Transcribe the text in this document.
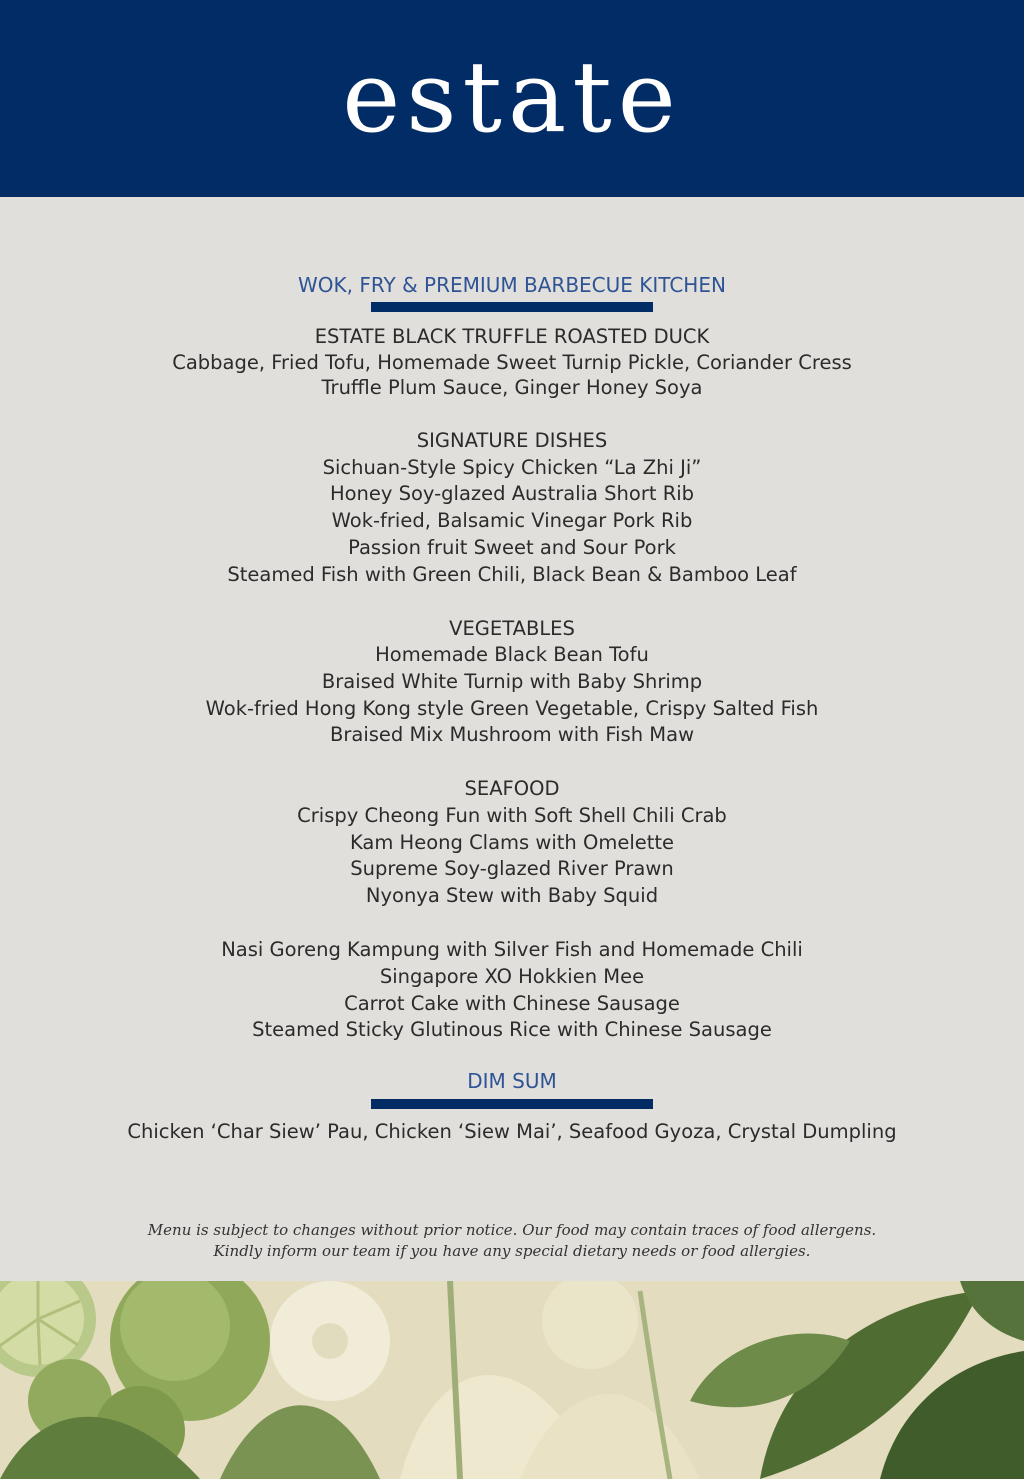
estate
WOK, FRY & PREMIUM BARBECUE KITCHEN
ESTATE BLACK TRUFFLE ROASTED DUCK
Cabbage, Fried Tofu, Homemade Sweet Turnip Pickle, Coriander Cress
Truffle Plum Sauce, Ginger Honey Soya
SIGNATURE DISHES
Sichuan-Style Spicy Chicken “La Zhi Ji”
Honey Soy-glazed Australia Short Rib
Wok-fried, Balsamic Vinegar Pork Rib
Passion fruit Sweet and Sour Pork
Steamed Fish with Green Chili, Black Bean & Bamboo Leaf
VEGETABLES
Homemade Black Bean Tofu
Braised White Turnip with Baby Shrimp
Wok-fried Hong Kong style Green Vegetable, Crispy Salted Fish
Braised Mix Mushroom with Fish Maw
SEAFOOD
Crispy Cheong Fun with Soft Shell Chili Crab
Kam Heong Clams with Omelette
Supreme Soy-glazed River Prawn
Nyonya Stew with Baby Squid
Nasi Goreng Kampung with Silver Fish and Homemade Chili
Singapore XO Hokkien Mee
Carrot Cake with Chinese Sausage
Steamed Sticky Glutinous Rice with Chinese Sausage
DIM SUM
Chicken ‘Char Siew’ Pau, Chicken ‘Siew Mai’, Seafood Gyoza, Crystal Dumpling
Menu is subject to changes without prior notice. Our food may contain traces of food allergens.
Kindly inform our team if you have any special dietary needs or food allergies.
